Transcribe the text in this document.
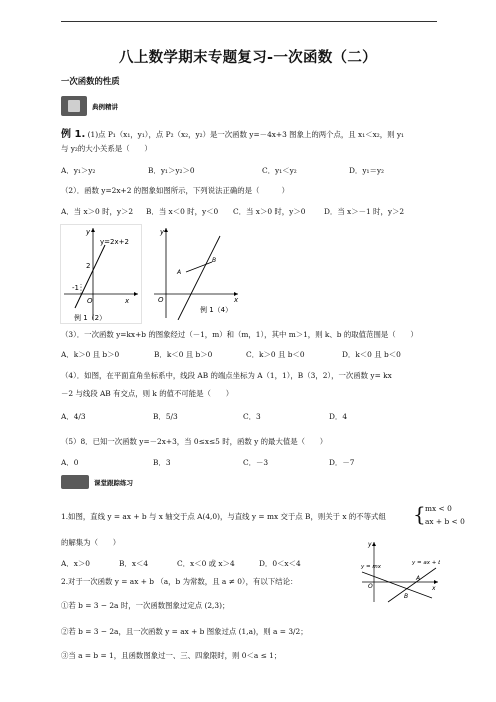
八上数学期末专题复习-一次函数（二）
一次函数的性质
典例精讲
例 1. (1)点 P₁（x₁，y₁），点 P₂（x₂，y₂）是一次函数 y=－4x+3 图象上的两个点，且 x₁＜x₂，则 y₁
与 y₂的大小关系是（　　）
A．y₁＞y₂	B．y₁＞y₂＞0	C．y₁＜y₂	D．y₁＝y₂
（2）．函数 y=2x+2 的图象如图所示，下列说法正确的是（　　　）
A．当 x＞0 时，y＞2	B．当 x＜0 时，y＜0	C．当 x＞0 时，y＞0	D．当 x＞－1 时，y＞2
y=2x+2
2
-1
O	x
y
例 1（2）
A
B
y
O	x
例 1（4）
（3）．一次函数 y=kx+b 的图象经过（－1，m）和（m，1），其中 m＞1，则 k、b 的取值范围是（　　）
A．k＞0 且 b＞0	B．k＜0 且 b＞0	C．k＞0 且 b＜0	D．k＜0 且 b＜0
（4）．如图，在平面直角坐标系中，线段 AB 的端点坐标为 A（1，1），B（3，2），一次函数 y= kx
－2 与线段 AB 有交点，则 k 的值不可能是（　　）
A．4/3	B．5/3	C．3	D．4
（5）8．已知一次函数 y=－2x+3，当 0≤x≤5 时，函数 y 的最大值是（　　）
A．0	B．3	C．－3	D．－7
课堂跟踪练习
1.如图，直线 y = ax + b 与 x 轴交于点 A(4,0)，与直线 y = mx 交于点 B，则关于 x 的不等式组 { mx < 0
ax + b < 0
的解集为（　　）
A．x＞0	B．x＜4	C．x＜0 或 x＞4	D．0＜x＜4
2.对于一次函数 y = ax + b （a，b 为常数，且 a ≠ 0），有以下结论：
①若 b = 3 − 2a 时，一次函数图象过定点 (2,3)；
②若 b = 3 − 2a，且一次函数 y = ax + b 图象过点 (1,a)，则 a = 3/2；
③当 a = b = 1，且函数图象过一、三、四象限时，则 0＜a ≤ 1；
y = mx
y = ax + b
y
x
O
A
B
